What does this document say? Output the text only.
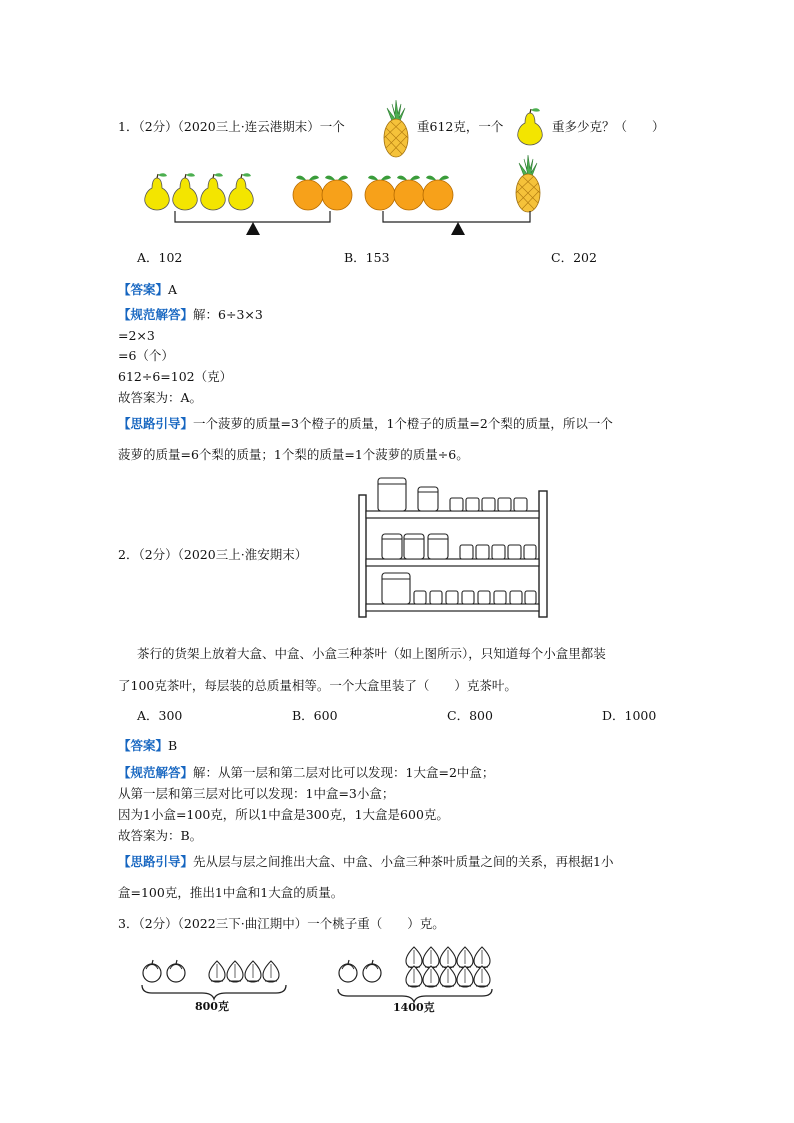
1．（2分）（2020三上·连云港期末）一个	重612克，一个	重多少克？（　　）
A．102	B．153	C．202
【答案】A
【规范解答】解：6÷3×3
=2×3
=6（个）
612÷6=102（克）
故答案为：A。
【思路引导】一个菠萝的质量=3个橙子的质量，1个橙子的质量=2个梨的质量，所以一个
菠萝的质量=6个梨的质量；1个梨的质量=1个菠萝的质量÷6。
2．（2分）（2020三上·淮安期末）
茶行的货架上放着大盒、中盒、小盒三种茶叶（如上图所示），只知道每个小盒里都装
了100克茶叶，每层装的总质量相等。一个大盒里装了（　　）克茶叶。
A．300	B．600	C．800	D．1000
【答案】B
【规范解答】解：从第一层和第二层对比可以发现：1大盒=2中盒；
从第一层和第三层对比可以发现：1中盒=3小盒；
因为1小盒=100克，所以1中盒是300克，1大盒是600克。
故答案为：B。
【思路引导】先从层与层之间推出大盒、中盒、小盒三种茶叶质量之间的关系，再根据1小
盒=100克，推出1中盒和1大盒的质量。
3．（2分）（2022三下·曲江期中）一个桃子重（　　）克。
800克	1400克
